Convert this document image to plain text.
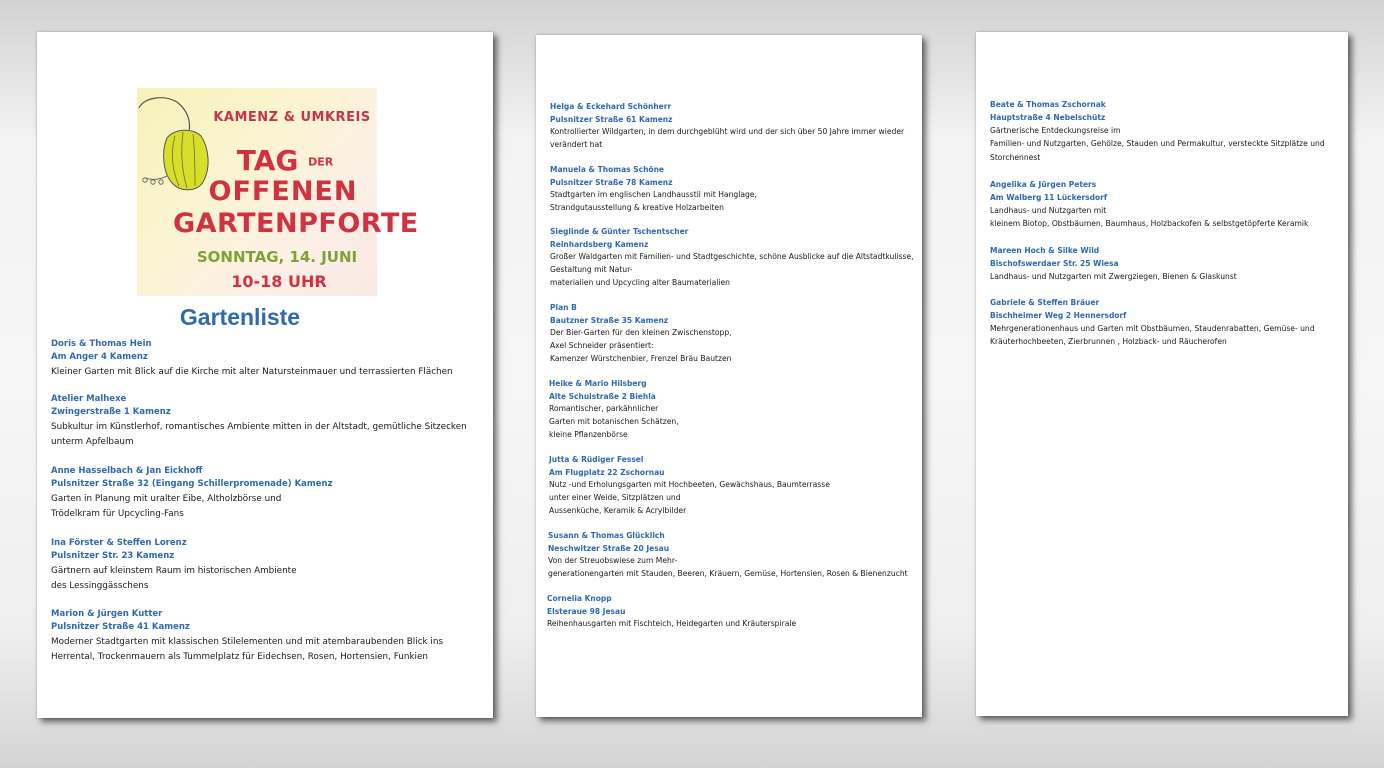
KAMENZ & UMKREIS
TAG DER
OFFENEN
GARTENPFORTE
SONNTAG, 14. JUNI
10-18 UHR
Gartenliste
Doris & Thomas Hein
Am Anger 4 Kamenz
Kleiner Garten mit Blick auf die Kirche mit alter Natursteinmauer und terrassierten Flächen
Atelier Malhexe
Zwingerstraße 1 Kamenz
Subkultur im Künstlerhof, romantisches Ambiente mitten in der Altstadt, gemütliche Sitzecken
unterm Apfelbaum
Anne Hasselbach & Jan Eickhoff
Pulsnitzer Straße 32 (Eingang Schillerpromenade) Kamenz
Garten in Planung mit uralter Eibe, Altholzbörse und
Trödelkram für Upcycling-Fans
Ina Förster & Steffen Lorenz
Pulsnitzer Str. 23 Kamenz
Gärtnern auf kleinstem Raum im historischen Ambiente
des Lessinggässchens
Marion & Jürgen Kutter
Pulsnitzer Straße 41 Kamenz
Moderner Stadtgarten mit klassischen Stilelementen und mit atembaraubenden Blick ins
Herrental, Trockenmauern als Tummelplatz für Eidechsen, Rosen, Hortensien, Funkien
Helga & Eckehard Schönherr
Pulsnitzer Straße 61 Kamenz
Kontrollierter Wildgarten, in dem durchgeblüht wird und der sich über 50 Jahre immer wieder
verändert hat
Manuela & Thomas Schöne
Pulsnitzer Straße 78 Kamenz
Stadtgarten im englischen Landhausstil mit Hanglage,
Strandgutausstellung & kreative Holzarbeiten
Sieglinde & Günter Tschentscher
Reinhardsberg Kamenz
Großer Waldgarten mit Familien- und Stadtgeschichte, schöne Ausblicke auf die Altstadtkulisse,
Gestaltung mit Natur-
materialien und Upcycling alter Baumaterialien
Plan B
Bautzner Straße 35 Kamenz
Der Bier-Garten für den kleinen Zwischenstopp,
Axel Schneider präsentiert:
Kamenzer Würstchenbier, Frenzel Bräu Bautzen
Heike & Mario Hilsberg
Alte Schulstraße 2 Biehla
Romantischer, parkähnlicher
Garten mit botanischen Schätzen,
kleine Pflanzenbörse
Jutta & Rüdiger Fessel
Am Flugplatz 22 Zschornau
Nutz -und Erholungsgarten mit Hochbeeten, Gewächshaus, Baumterrasse
unter einer Weide, Sitzplätzen und
Aussenküche, Keramik & Acrylbilder
Susann & Thomas Glücklich
Neschwitzer Straße 20 Jesau
Von der Streuobswiese zum Mehr-
generationengarten mit Stauden, Beeren, Kräuern, Gemüse, Hortensien, Rosen & Bienenzucht
Cornelia Knopp
Elsteraue 98 Jesau
Reihenhausgarten mit Fischteich, Heidegarten und Kräuterspirale
Beate & Thomas Zschornak
Hauptstraße 4 Nebelschütz
Gärtnerische Entdeckungsreise im
Familien- und Nutzgarten, Gehölze, Stauden und Permakultur, versteckte Sitzplätze und
Storchennest
Angelika & Jürgen Peters
Am Walberg 11 Lückersdorf
Landhaus- und Nutzgarten mit
kleinem Biotop, Obstbäumen, Baumhaus, Holzbackofen & selbstgetöpferte Keramik
Mareen Hoch & Silke Wild
Bischofswerdaer Str. 25 Wiesa
Landhaus- und Nutzgarten mit Zwergziegen, Bienen & Glaskunst
Gabriele & Steffen Bräuer
Bischheimer Weg 2 Hennersdorf
Mehrgenerationenhaus und Garten mit Obstbäumen, Staudenrabatten, Gemüse- und
Kräuterhochbeeten, Zierbrunnen , Holzback- und Räucherofen
